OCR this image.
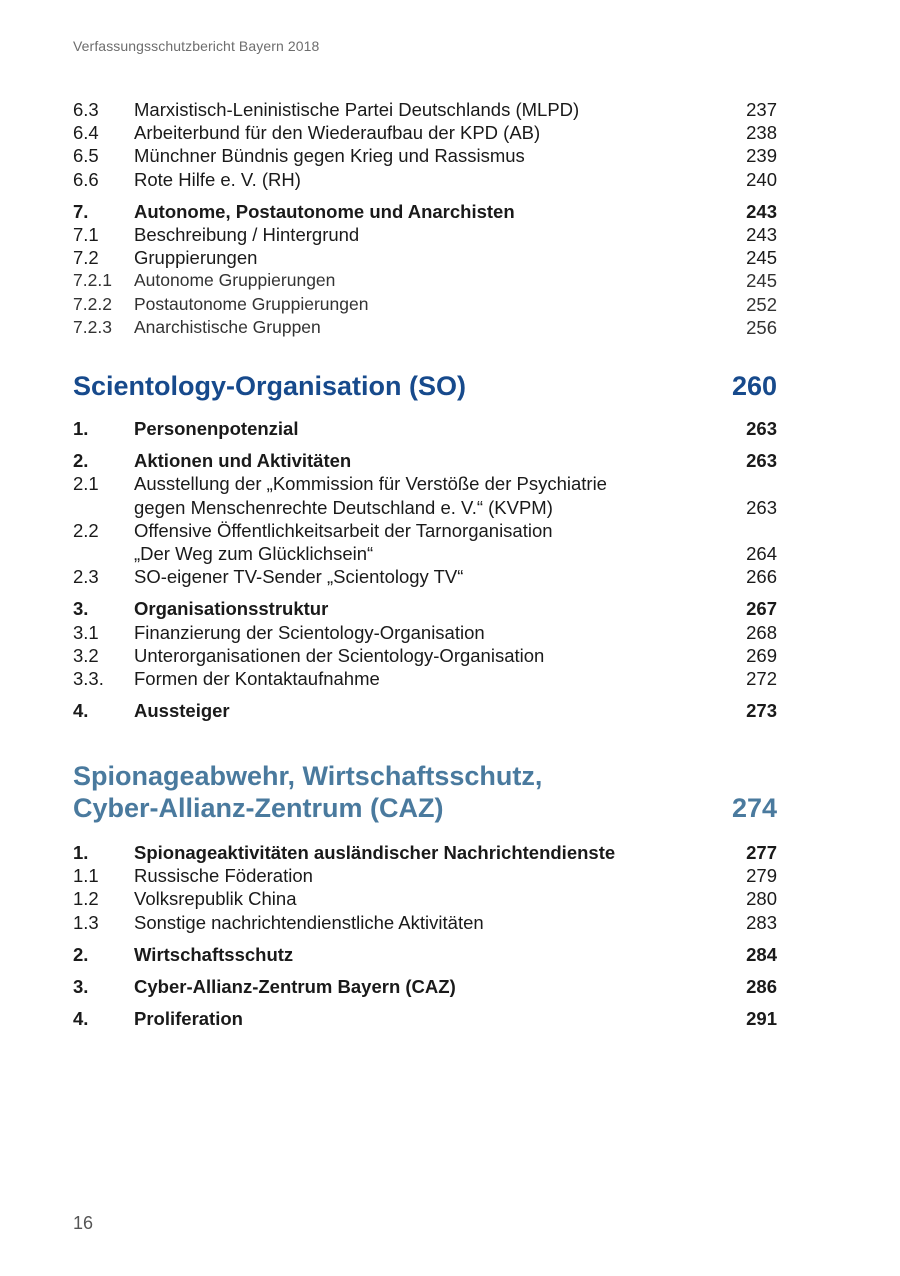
Verfassungsschutzbericht Bayern 2018
6.3	Marxistisch-Leninistische Partei Deutschlands (MLPD)	237
6.4	Arbeiterbund für den Wiederaufbau der KPD (AB)	238
6.5	Münchner Bündnis gegen Krieg und Rassismus	239
6.6	Rote Hilfe e. V. (RH)	240
7.	Autonome, Postautonome und Anarchisten	243
7.1	Beschreibung / Hintergrund	243
7.2	Gruppierungen	245
7.2.1	Autonome Gruppierungen	245
7.2.2	Postautonome Gruppierungen	252
7.2.3	Anarchistische Gruppen	256
Scientology-Organisation (SO)	260
1.	Personenpotenzial	263
2.	Aktionen und Aktivitäten	263
2.1	Ausstellung der „Kommission für Verstöße der Psychiatrie
gegen Menschenrechte Deutschland e. V.“ (KVPM)	263
2.2	Offensive Öffentlichkeitsarbeit der Tarnorganisation
„Der Weg zum Glücklichsein“	264
2.3	SO-eigener TV-Sender „Scientology TV“	266
3.	Organisationsstruktur	267
3.1	Finanzierung der Scientology-Organisation	268
3.2	Unterorganisationen der Scientology-Organisation	269
3.3.	Formen der Kontaktaufnahme	272
4.	Aussteiger	273
Spionageabwehr, Wirtschaftsschutz,
Cyber-Allianz-Zentrum (CAZ)	274
1.	Spionageaktivitäten ausländischer Nachrichtendienste	277
1.1	Russische Föderation	279
1.2	Volksrepublik China	280
1.3	Sonstige nachrichtendienstliche Aktivitäten	283
2.	Wirtschaftsschutz	284
3.	Cyber-Allianz-Zentrum Bayern (CAZ)	286
4.	Proliferation	291
16
